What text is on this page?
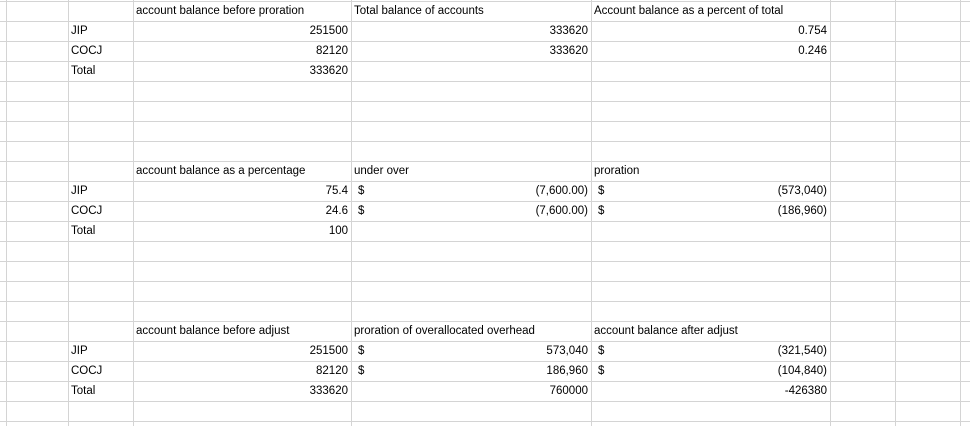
account balance before proration	Total balance of accounts	Account balance as a percent of total
JIP	251500	333620	0.754
COCJ	82120	333620	0.246
Total	333620
account balance as a percentage	under over	proration
JIP	75.4 $	(7,600.00) $	(573,040)
COCJ	24.6 $	(7,600.00) $	(186,960)
Total	100
account balance before adjust	proration of overallocated overhead	account balance after adjust
JIP	251500 $	573,040 $	(321,540)
COCJ	82120 $	186,960 $	(104,840)
Total	333620	760000	-426380
